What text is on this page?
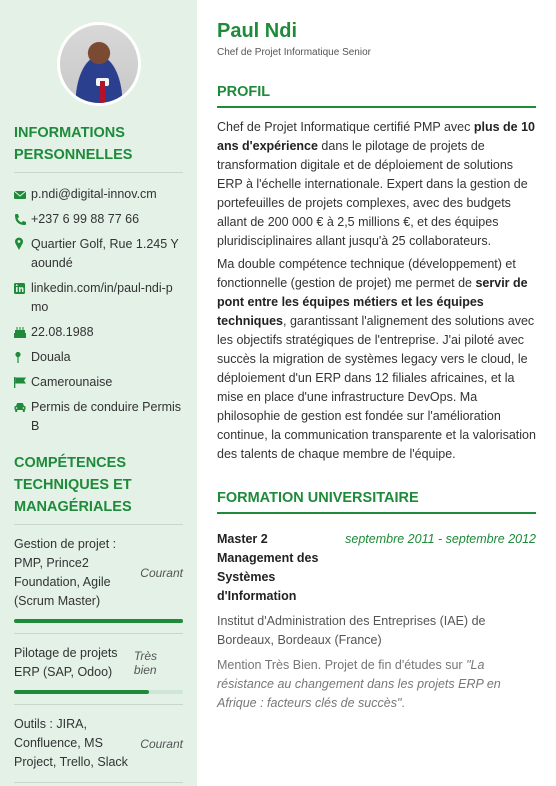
INFORMATIONS PERSONNELLES
p.ndi@digital-innov.cm
+237 6 99 88 77 66
Quartier Golf, Rue 1.245 Yaoundé
linkedin.com/in/paul-ndi-pmo
22.08.1988
Douala
Camerounaise
Permis de conduire Permis B
COMPÉTENCES TECHNIQUES ET MANAGÉRIALES
Gestion de projet : PMP, Prince2 Foundation, Agile (Scrum Master)
Courant
Pilotage de projets ERP (SAP, Odoo)
Très bien
Outils : JIRA, Confluence, MS Project, Trello, Slack
Courant
Paul Ndi
Chef de Projet Informatique Senior
PROFIL

Chef de Projet Informatique certifié PMP avec plus de 10 ans d'expérience dans le pilotage de projets de transformation digitale et de déploiement de solutions ERP à l'échelle internationale. Expert dans la gestion de portefeuilles de projets complexes, avec des budgets allant de 200 000 € à 2,5 millions €, et des équipes pluridisciplinaires allant jusqu'à 25 collaborateurs.

Ma double compétence technique (développement) et fonctionnelle (gestion de projet) me permet de servir de pont entre les équipes métiers et les équipes techniques, garantissant l'alignement des solutions avec les objectifs stratégiques de l'entreprise. J'ai piloté avec succès la migration de systèmes legacy vers le cloud, le déploiement d'un ERP dans 12 filiales africaines, et la mise en place d'une infrastructure DevOps. Ma philosophie de gestion est fondée sur l'amélioration continue, la communication transparente et la valorisation des talents de chaque membre de l'équipe.

FORMATION UNIVERSITAIRE
Master 2 Management des Systèmes d'Information
septembre 2011 - septembre 2012
Institut d'Administration des Entreprises (IAE) de Bordeaux, Bordeaux (France)
Mention Très Bien. Projet de fin d'études sur "La résistance au changement dans les projets ERP en Afrique : facteurs clés de succès".
